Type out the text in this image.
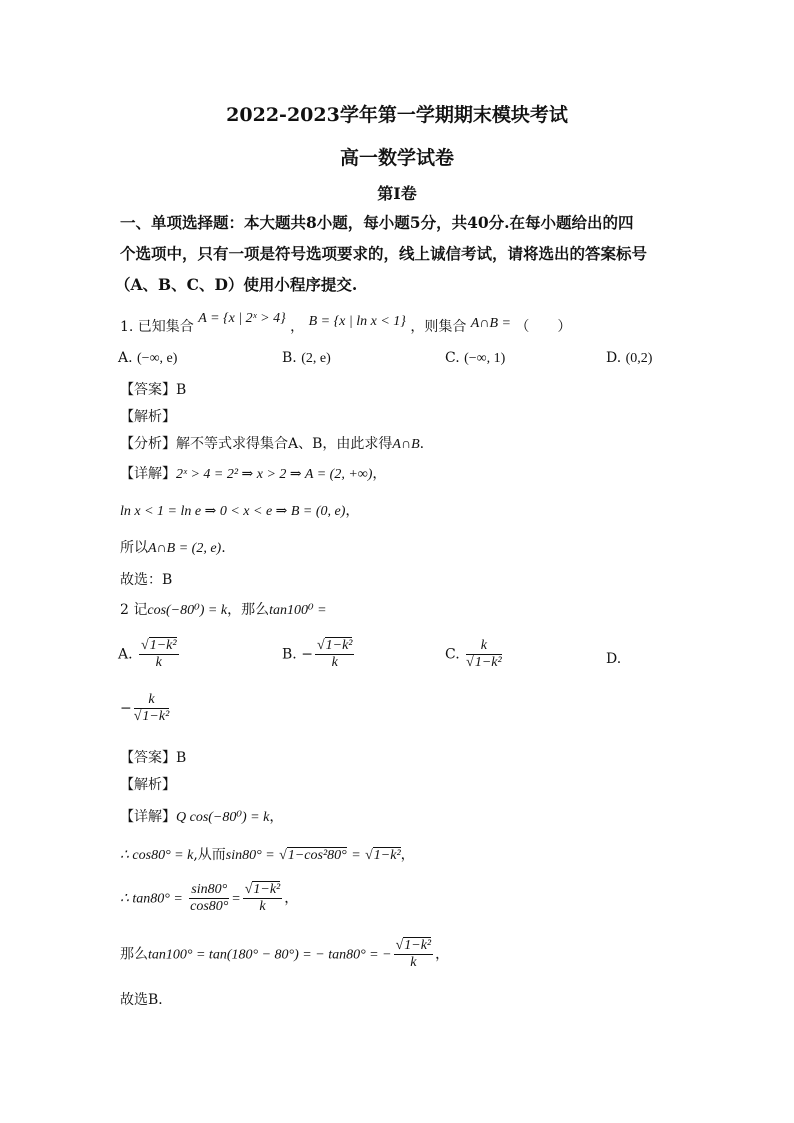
2022-2023学年第一学期期末模块考试
高一数学试卷
第I卷
一、单项选择题：本大题共8小题，每小题5分，共40分.在每小题给出的四
个选项中，只有一项是符号选项要求的，线上诚信考试，请将选出的答案标号
（A、B、C、D）使用小程序提交.
1. 已知集合 A = {x | 2ˣ > 4} ， B = {x | ln x < 1} ，则集合 A∩B = （　　）
A. (−∞, e)	B. (2, e)	C. (−∞, 1)	D. (0,2)
【答案】B
【解析】
【分析】解不等式求得集合A、B，由此求得A∩B.
【详解】2ˣ > 4 = 2² ⇒ x > 2 ⇒ A = (2, +∞)，
ln x < 1 = ln e ⇒ 0 < x < e ⇒ B = (0, e)，
所以A∩B = (2, e).
故选：B
2 记cos(−80⁰) = k，那么tan100⁰ =
A. $\frac{\text{√1−k²}}{k}$	B. − $\frac{\text{√1−k²}}{k}$	C. $\frac{k}{\text{√1−k²}}$	D.
− $\frac{k}{\text{√1−k²}}$
【答案】B
【解析】
【详解】Q cos(−80⁰) = k，
∴ cos80° = k,从而sin80° = √1−cos²80° = √1−k²，
∴ $\tan 80^\circ = \frac{\sin 80^\circ}{\cos 80^\circ} = \frac{\text{√1−k²}}{k}$ ，
那么tan100° = tan(180° − 80°) = − tan80° = − $\frac{\text{√1−k²}}{k}$ ，
故选B．
